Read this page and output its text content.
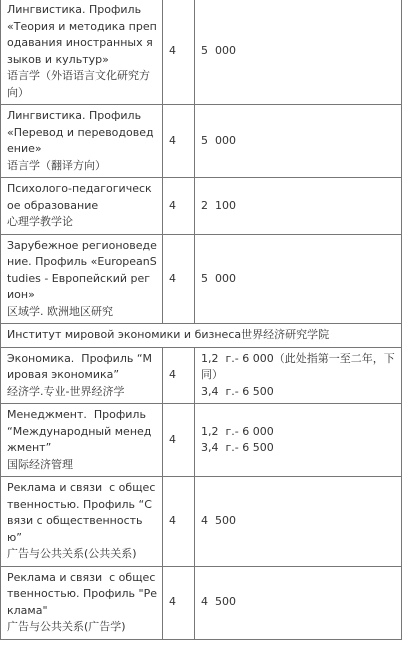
Лингвистика. Профиль «Теория и методика преподавания иностранных языков и культур»
语言学（外语语言文化研究方向）	4	5  000

Лингвистика. Профиль «Перевод и переводоведение»
语言学（翻译方向）	4	5  000

Психолого-педагогическое образование
心理学教学论	4	2  100

Зарубежное регионоведение. Профиль «EuropeanStudies - Европейский регион»
区域学. 欧洲地区研究	4	5  000

Институт мировой экономики и бизнеса世界经济研究学院		

Экономика.  Профиль “Мировая экономика”
经济学.专业-世界经济学	4	1,2  г.- 6 000（此处指第一至二年，下同）
3,4  г.- 6 500

Менеджмент.  Профиль “Международный менеджмент”
国际经济管理	4	1,2  г.- 6 000
3,4  г.- 6 500

Реклама и связи  с общественностью. Профиль “Связи с общественностью”
广告与公共关系(公共关系)	4	4  500

Реклама и связи  с общественностью. Профиль "Реклама"
广告与公共关系(广告学)	4	4  500
